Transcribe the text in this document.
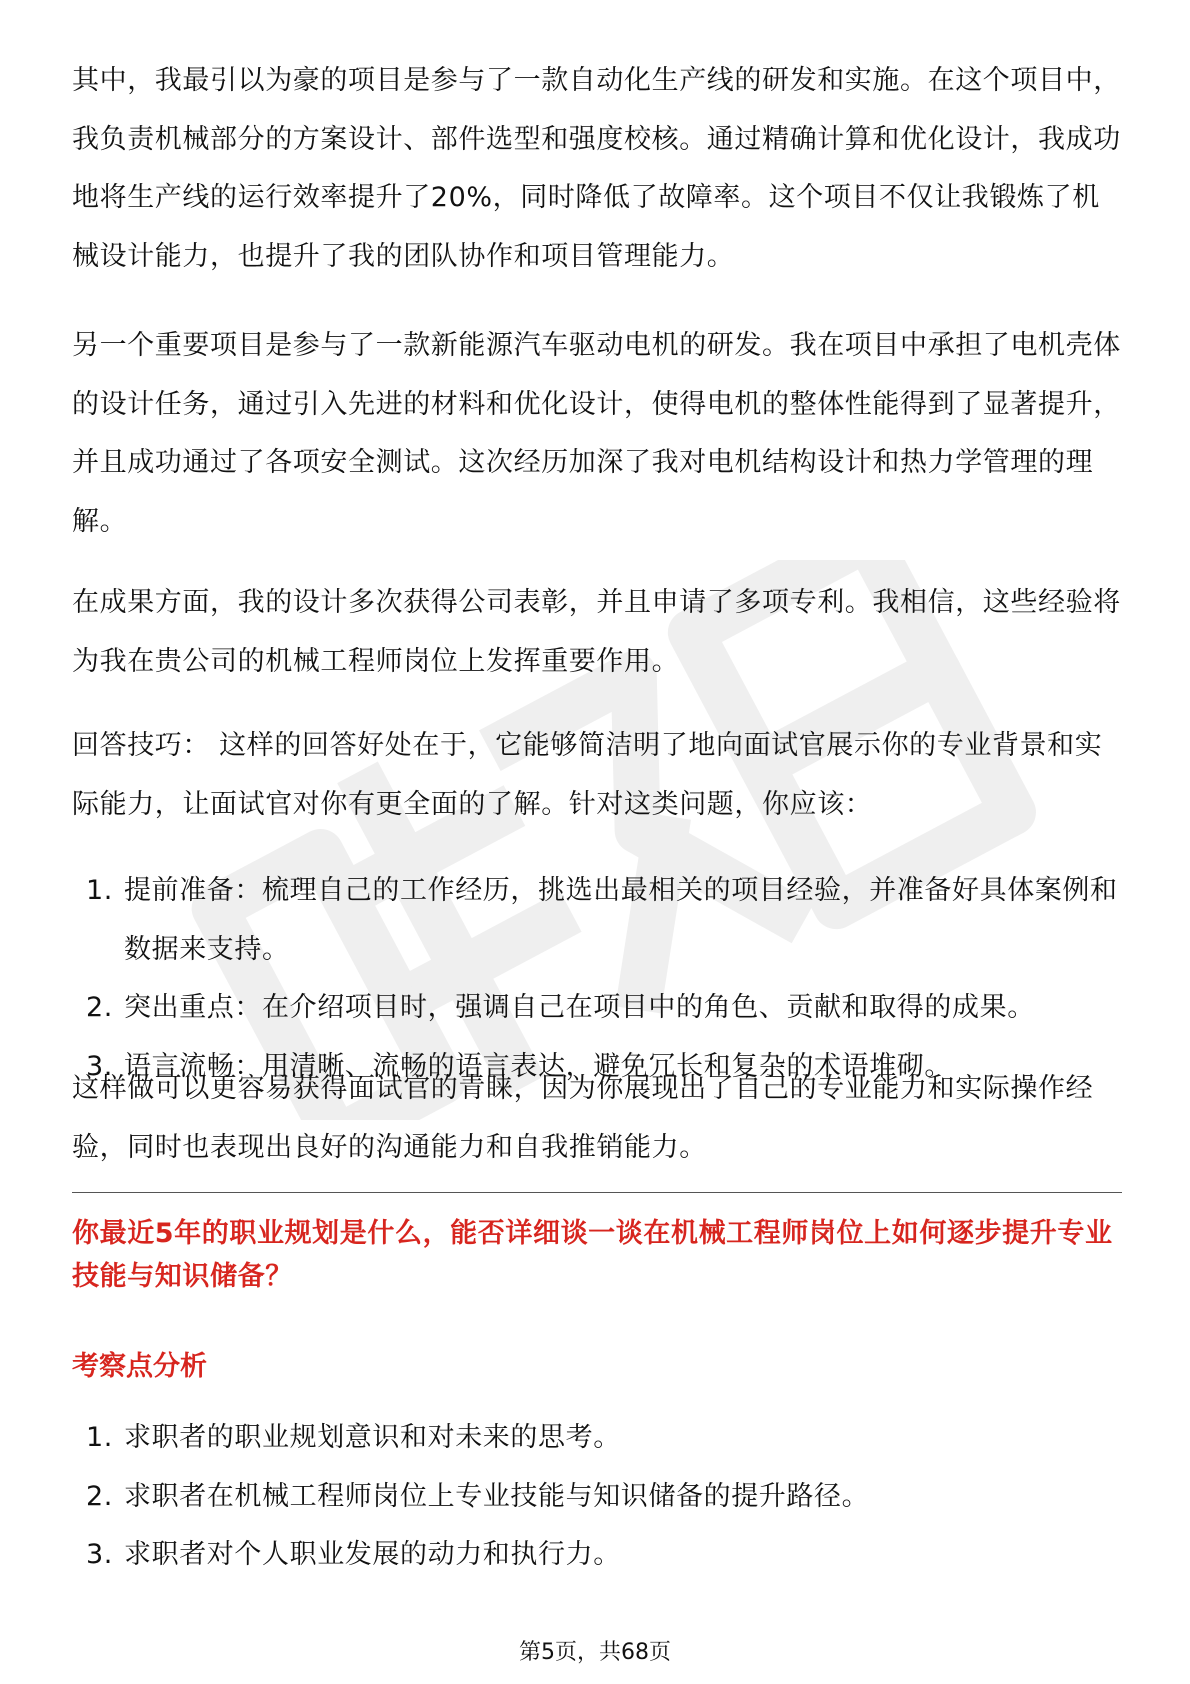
其中，我最引以为豪的项目是参与了一款自动化生产线的研发和实施。在这个项目中，我负责机械部分的方案设计、部件选型和强度校核。通过精确计算和优化设计，我成功地将生产线的运行效率提升了20%，同时降低了故障率。这个项目不仅让我锻炼了机械设计能力，也提升了我的团队协作和项目管理能力。

另一个重要项目是参与了一款新能源汽车驱动电机的研发。我在项目中承担了电机壳体的设计任务，通过引入先进的材料和优化设计，使得电机的整体性能得到了显著提升，并且成功通过了各项安全测试。这次经历加深了我对电机结构设计和热力学管理的理解。

在成果方面，我的设计多次获得公司表彰，并且申请了多项专利。我相信，这些经验将为我在贵公司的机械工程师岗位上发挥重要作用。

回答技巧： 这样的回答好处在于，它能够简洁明了地向面试官展示你的专业背景和实际能力，让面试官对你有更全面的了解。针对这类问题，你应该：

1. 提前准备：梳理自己的工作经历，挑选出最相关的项目经验，并准备好具体案例和数据来支持。
2. 突出重点：在介绍项目时，强调自己在项目中的角色、贡献和取得的成果。
3. 语言流畅：用清晰、流畅的语言表达，避免冗长和复杂的术语堆砌。

这样做可以更容易获得面试官的青睐，因为你展现出了自己的专业能力和实际操作经验，同时也表现出良好的沟通能力和自我推销能力。

你最近5年的职业规划是什么，能否详细谈一谈在机械工程师岗位上如何逐步提升专业技能与知识储备？

考察点分析

1. 求职者的职业规划意识和对未来的思考。
2. 求职者在机械工程师岗位上专业技能与知识储备的提升路径。
3. 求职者对个人职业发展的动力和执行力。
第5页，共68页
